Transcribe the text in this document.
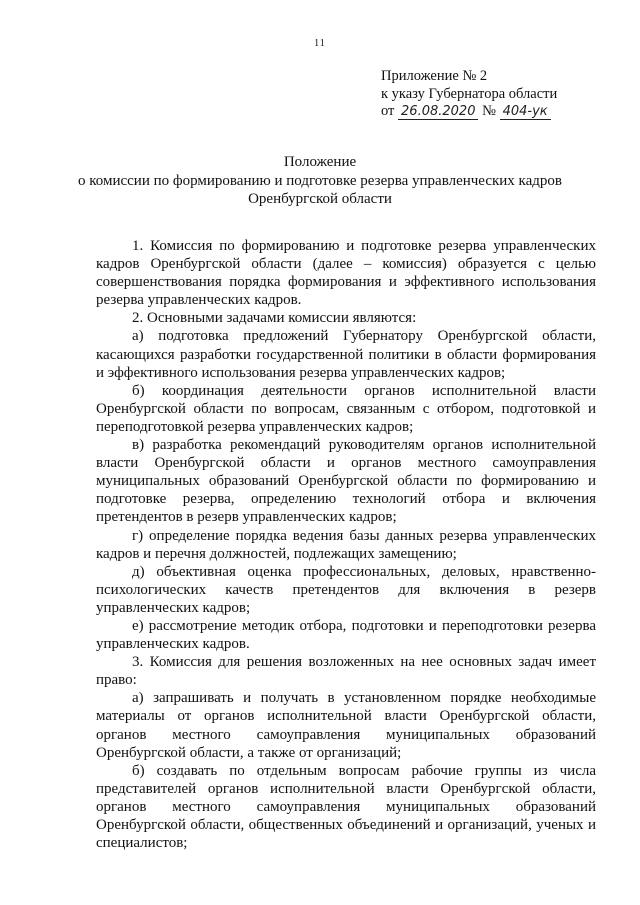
11
Приложение № 2
к указу Губернатора области
от 26.08.2020 № 404-ук
Положение
о комиссии по формированию и подготовке резерва управленческих кадров
Оренбургской области

1. Комиссия по формированию и подготовке резерва управленческих кадров Оренбургской области (далее – комиссия) образуется с целью совершенствования порядка формирования и эффективного использования резерва управленческих кадров.

2. Основными задачами комиссии являются:

а) подготовка предложений Губернатору Оренбургской области, касающихся разработки государственной политики в области формирования и эффективного использования резерва управленческих кадров;

б) координация деятельности органов исполнительной власти Оренбургской области по вопросам, связанным с отбором, подготовкой и переподготовкой резерва управленческих кадров;

в) разработка рекомендаций руководителям органов исполнительной власти Оренбургской области и органов местного самоуправления муниципальных образований Оренбургской области по формированию и подготовке резерва, определению технологий отбора и включения претендентов в резерв управленческих кадров;

г) определение порядка ведения базы данных резерва управленческих кадров и перечня должностей, подлежащих замещению;

д) объективная оценка профессиональных, деловых, нравственно-психологических качеств претендентов для включения в резерв управленческих кадров;

е) рассмотрение методик отбора, подготовки и переподготовки резерва управленческих кадров.

3. Комиссия для решения возложенных на нее основных задач имеет право:

а) запрашивать и получать в установленном порядке необходимые материалы от органов исполнительной власти Оренбургской области, органов местного самоуправления муниципальных образований Оренбургской области, а также от организаций;

б) создавать по отдельным вопросам рабочие группы из числа представителей органов исполнительной власти Оренбургской области, органов местного самоуправления муниципальных образований Оренбургской области, общественных объединений и организаций, ученых и специалистов;
